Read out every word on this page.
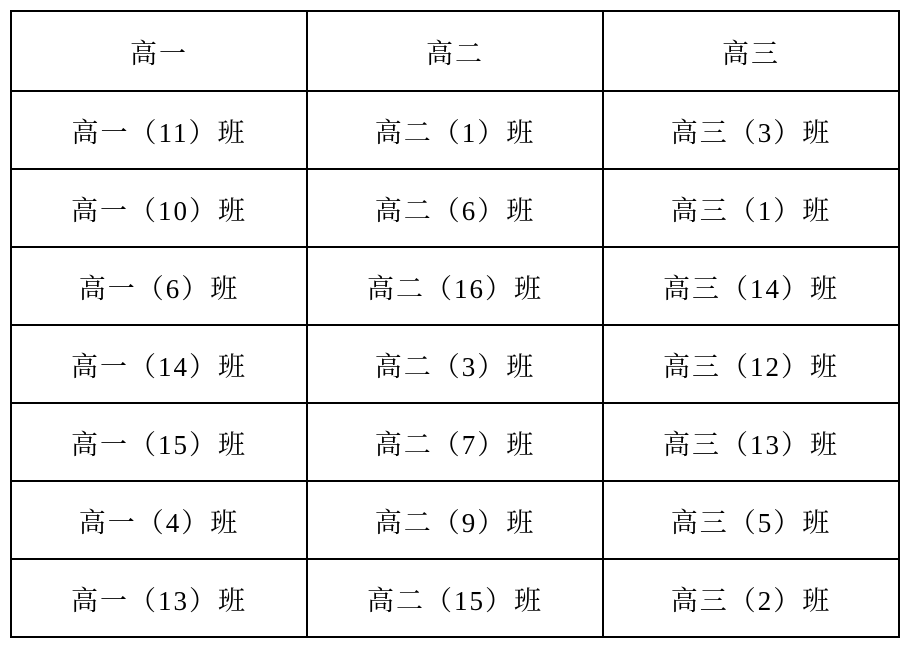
高一	高二	高三
高一（11）班	高二（1）班	高三（3）班
高一（10）班	高二（6）班	高三（1）班
高一（6）班	高二（16）班	高三（14）班
高一（14）班	高二（3）班	高三（12）班
高一（15）班	高二（7）班	高三（13）班
高一（4）班	高二（9）班	高三（5）班
高一（13）班	高二（15）班	高三（2）班
